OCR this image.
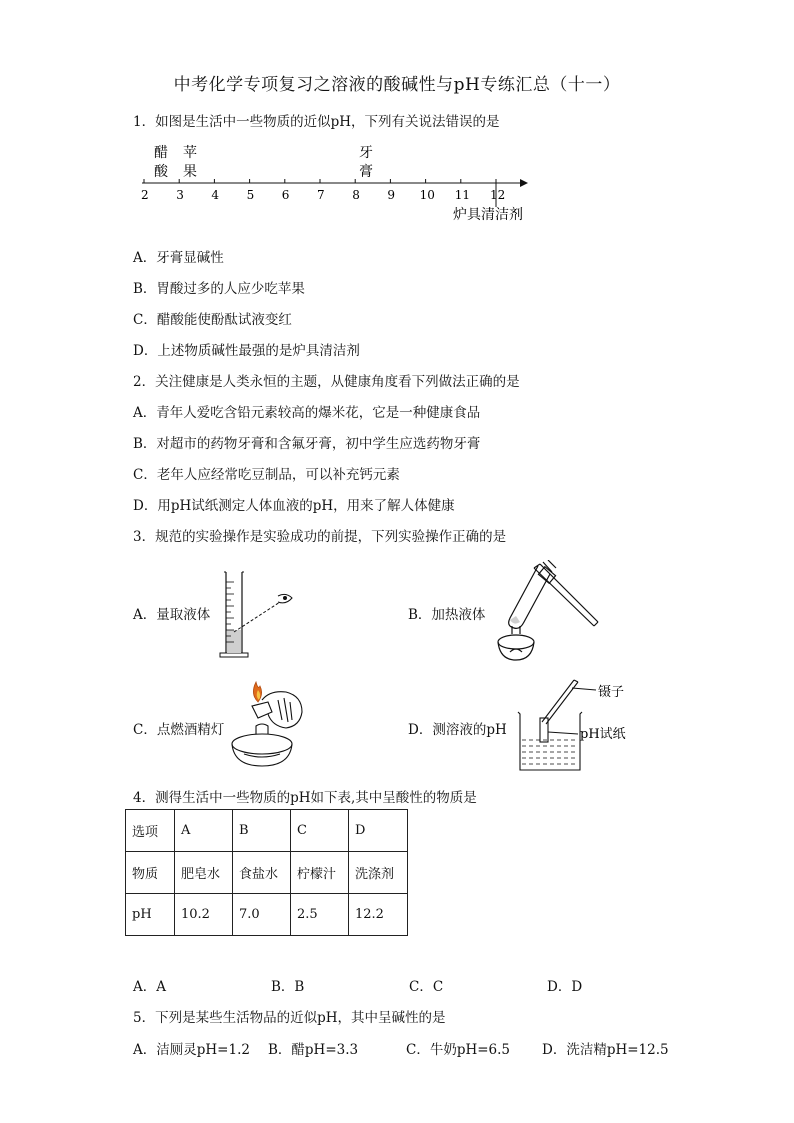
中考化学专项复习之溶液的酸碱性与pH专练汇总（十一）
1．如图是生活中一些物质的近似pH，下列有关说法错误的是
醋
酸
苹
果
牙
膏
2 3 4 5 6 7 8 9 10 11 12
炉具清洁剂
A．牙膏显碱性
B．胃酸过多的人应少吃苹果
C．醋酸能使酚酞试液变红
D．上述物质碱性最强的是炉具清洁剂
2．关注健康是人类永恒的主题，从健康角度看下列做法正确的是
A．青年人爱吃含铅元素较高的爆米花，它是一种健康食品
B．对超市的药物牙膏和含氟牙膏，初中学生应选药物牙膏
C．老年人应经常吃豆制品，可以补充钙元素
D．用pH试纸测定人体血液的pH，用来了解人体健康
3．规范的实验操作是实验成功的前提，下列实验操作正确的是
A．量取液体	B．加热液体
C．点燃酒精灯	D．测溶液的pH
镊子
pH试纸
4．测得生活中一些物质的pH如下表,其中呈酸性的物质是
选项	A	B	C	D
物质	肥皂水	食盐水	柠檬汁	洗涤剂
pH	10.2	7.0	2.5	12.2
A．A	B．B	C．C	D．D
5．下列是某些生活物品的近似pH，其中呈碱性的是
A．洁厕灵pH=1.2 B．醋pH=3.3	C．牛奶pH=6.5 D．洗洁精pH=12.5
